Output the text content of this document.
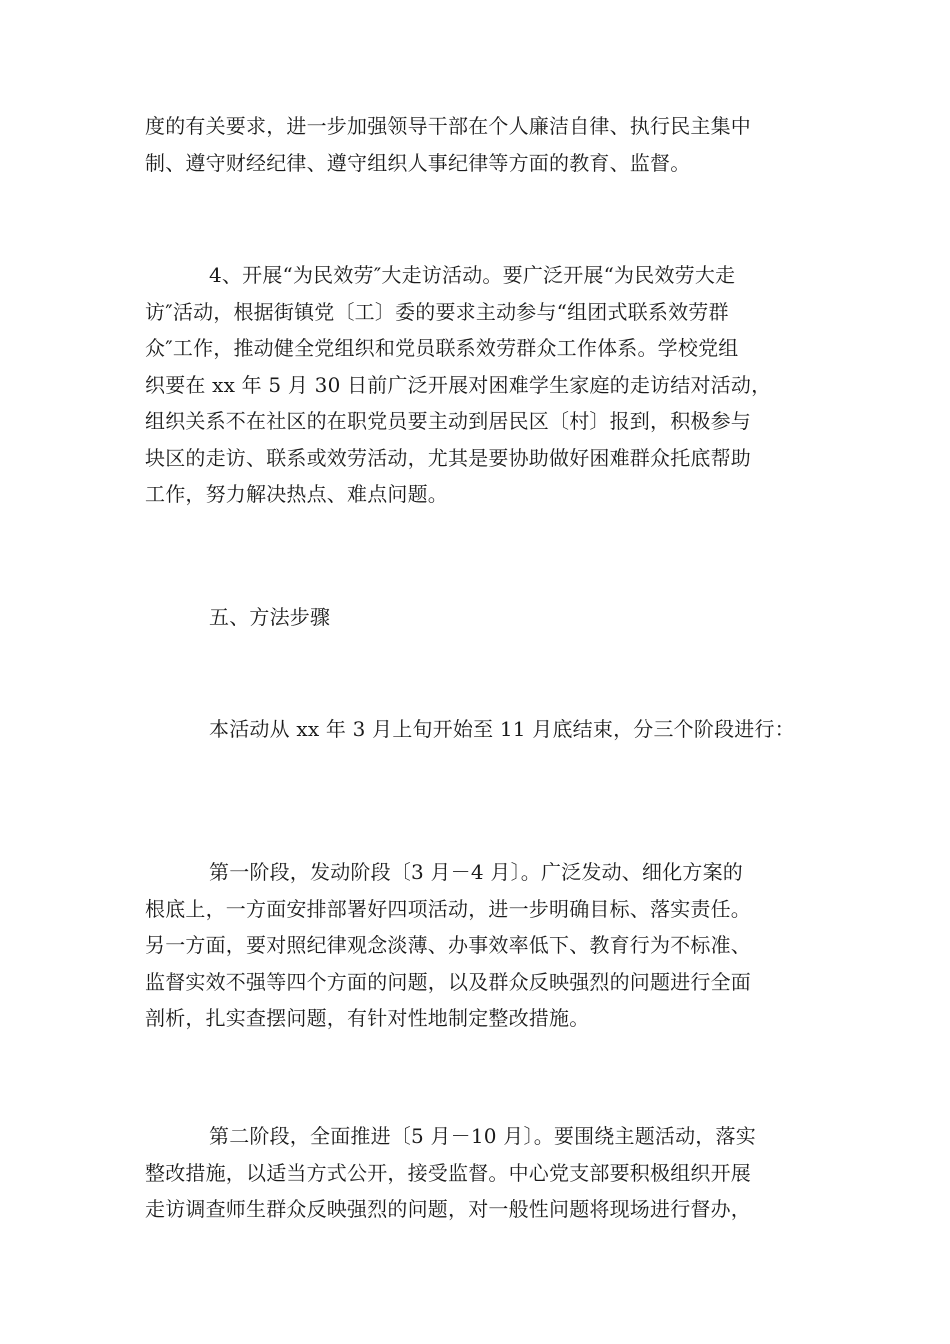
度的有关要求，进一步加强领导干部在个人廉洁自律、执行民主集中
制、遵守财经纪律、遵守组织人事纪律等方面的教育、监督。
4、开展“为民效劳″大走访活动。要广泛开展“为民效劳大走
访″活动，根据街镇党〔工〕委的要求主动参与“组团式联系效劳群
众″工作，推动健全党组织和党员联系效劳群众工作体系。学校党组
织要在 xx 年 5 月 30 日前广泛开展对困难学生家庭的走访结对活动，
组织关系不在社区的在职党员要主动到居民区〔村〕报到，积极参与
块区的走访、联系或效劳活动，尤其是要协助做好困难群众托底帮助
工作，努力解决热点、难点问题。
五、方法步骤
本活动从 xx 年 3 月上旬开始至 11 月底结束，分三个阶段进行：
第一阶段，发动阶段〔3 月－4 月〕。广泛发动、细化方案的
根底上，一方面安排部署好四项活动，进一步明确目标、落实责任。
另一方面，要对照纪律观念淡薄、办事效率低下、教育行为不标准、
监督实效不强等四个方面的问题，以及群众反映强烈的问题进行全面
剖析，扎实查摆问题，有针对性地制定整改措施。
第二阶段，全面推进〔5 月－10 月〕。要围绕主题活动，落实
整改措施，以适当方式公开，接受监督。中心党支部要积极组织开展
走访调查师生群众反映强烈的问题，对一般性问题将现场进行督办，
